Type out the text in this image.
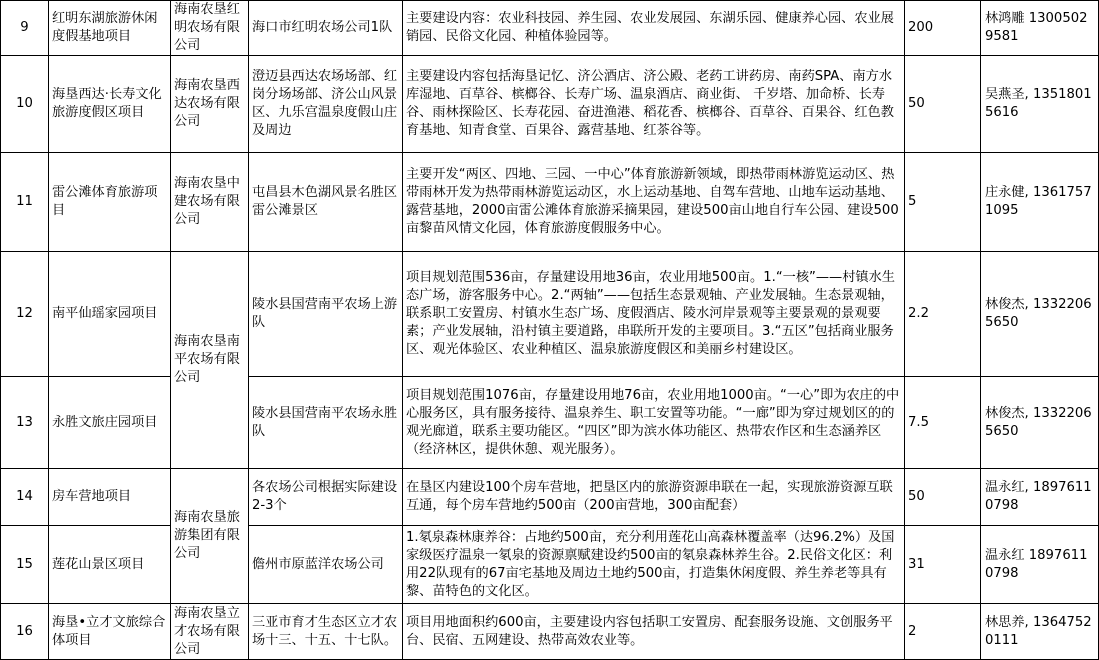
9	红明东湖旅游休闲度假基地项目	海南农垦红明农场有限公司	海口市红明农场公司1队	主要建设内容：农业科技园、养生园、农业发展园、东湖乐园、健康养心园、农业展销园、民俗文化园、种植体验园等。	200	林鸿雕 13005029581
10	海垦西达·长寿文化旅游度假区项目	海南农垦西达农场有限公司	澄迈县西达农场场部、红岗分场场部、济公山风景区、九乐宫温泉度假山庄及周边	主要建设内容包括海垦记忆、济公酒店、济公殿、老药工讲药房、南药SPA、南方水库湿地、百草谷、槟榔谷、长寿广场、温泉酒店、商业街、 千岁塔、加命桥、长寿谷、雨林探险区、长寿花园、奋进渔港、稻花香、槟榔谷、百草谷、百果谷、红色教育基地、知青食堂、百果谷、露营基地、红茶谷等。	50	吴燕圣, 13518015616
11	雷公滩体育旅游项目	海南农垦中建农场有限公司	屯昌县木色湖风景名胜区雷公滩景区	主要开发“两区、四地、三园、一中心”体育旅游新领域，即热带雨林游览运动区、热带雨林开发为热带雨林游览运动区，水上运动基地、自驾车营地、山地车运动基地、露营基地，2000亩雷公滩体育旅游采摘果园，建设500亩山地自行车公园、建设500亩黎苗风情文化园，体育旅游度假服务中心。	5	庄永健, 13617571095
12	南平仙瑶家园项目	海南农垦南平农场有限公司	陵水县国营南平农场上游队	项目规划范围536亩，存量建设用地36亩，农业用地500亩。1.“一核”——村镇水生态广场，游客服务中心。2.“两轴”——包括生态景观轴、产业发展轴。生态景观轴，联系职工安置房、村镇水生态广场、度假酒店、陵水河岸景观等主要景观的景观要素；产业发展轴，沿村镇主要道路，串联所开发的主要项目。3.“五区”包括商业服务区、观光体验区、农业种植区、温泉旅游度假区和美丽乡村建设区。	2.2	林俊杰, 13322065650
13	永胜文旅庄园项目		陵水县国营南平农场永胜队	项目规划范围1076亩，存量建设用地76亩，农业用地1000亩。“一心”即为农庄的中心服务区，具有服务接待、温泉养生、职工安置等功能。“一廊”即为穿过规划区的的观光廊道，联系主要功能区。“四区”即为滨水体功能区、热带农作区和生态涵养区（经济林区，提供休憩、观光服务）。	7.5	林俊杰, 13322065650
14	房车营地项目	海南农垦旅游集团有限公司	各农场公司根据实际建设2-3个	在垦区内建设100个房车营地，把垦区内的旅游资源串联在一起，实现旅游资源互联互通，每个房车营地约500亩（200亩营地，300亩配套）	50	温永红, 18976110798
15	莲花山景区项目		儋州市原蓝洋农场公司	1.氡泉森林康养谷：占地约500亩，充分利用莲花山高森林覆盖率（达96.2%）及国家级医疗温泉一氡泉的资源禀赋建设约500亩的氡泉森林养生谷。2.民俗文化区：利用22队现有的67亩宅基地及周边土地约500亩，打造集休闲度假、养生养老等具有黎、苗特色的文化区。	31	温永红 18976110798
16	海垦•立才文旅综合体项目	海南农垦立才农场有限公司	三亚市育才生态区立才农场十三、十五、十七队。	项目用地面积约600亩，主要建设内容包括职工安置房、配套服务设施、文创服务平台、民宿、五网建设、热带高效农业等。	2	林思养, 13647520111
